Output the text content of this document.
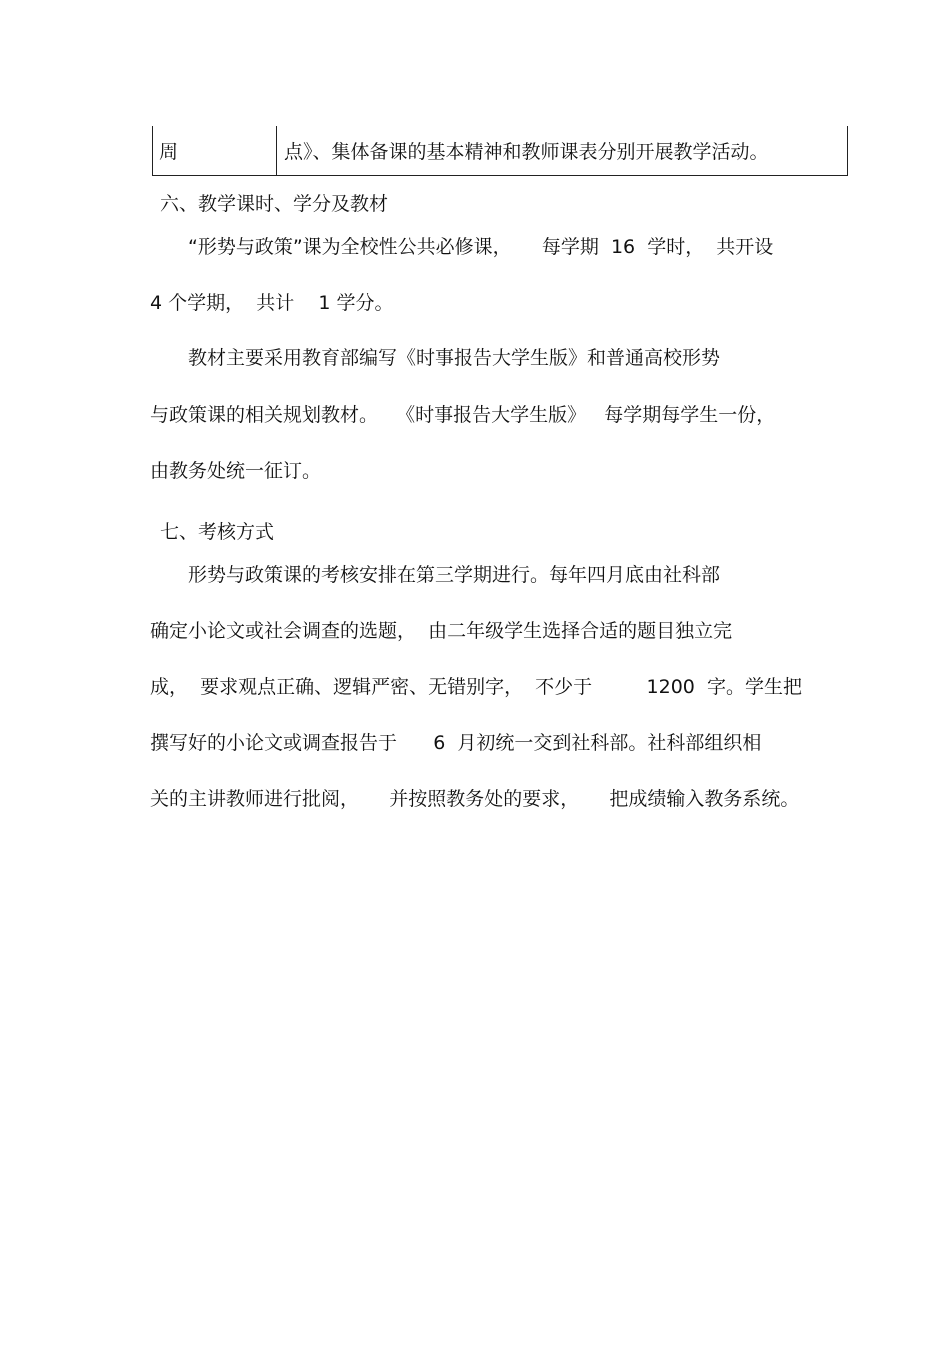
周	点》、集体备课的基本精神和教师课表分别开展教学活动。
六、教学课时、学分及教材
“形势与政策”课为全校性公共必修课，     每学期  16  学时，  共开设
4 个学期，  共计    1 学分。
教材主要采用教育部编写《时事报告大学生版》和普通高校形势
与政策课的相关规划教材。   《时事报告大学生版》   每学期每学生一份，
由教务处统一征订。
七、考核方式
形势与政策课的考核安排在第三学期进行。每年四月底由社科部
确定小论文或社会调查的选题，  由二年级学生选择合适的题目独立完
成，  要求观点正确、逻辑严密、无错别字，  不少于         1200  字。学生把
撰写好的小论文或调查报告于      6  月初统一交到社科部。社科部组织相
关的主讲教师进行批阅，     并按照教务处的要求，     把成绩输入教务系统。
